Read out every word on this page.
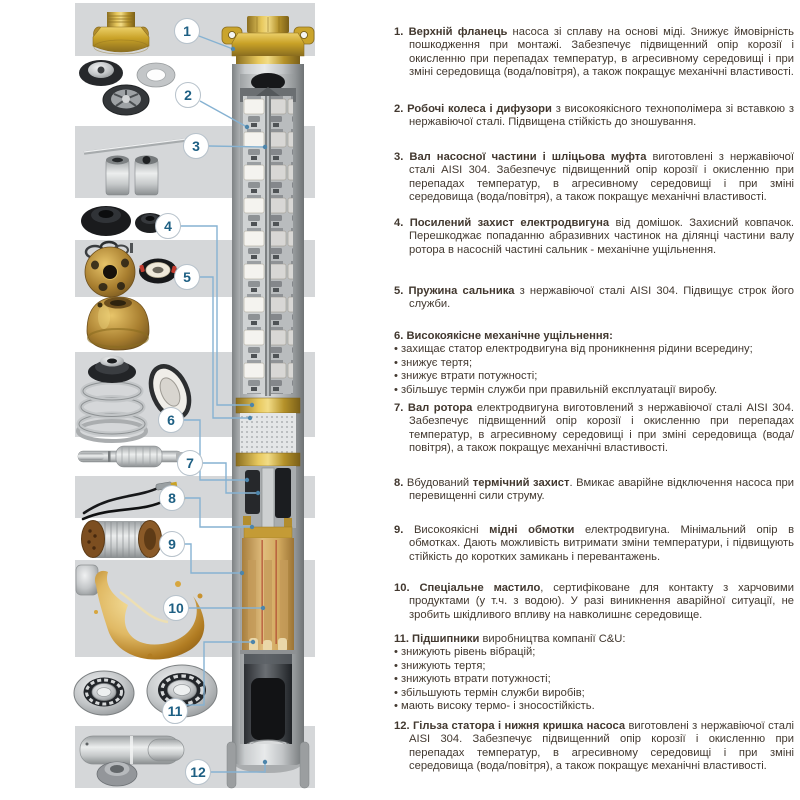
1
2
3
4
5
6
7
8
9
10
11
12
1. Верхній фланець насоса зі сплаву на основі міді. Знижує ймовірність пошкодження при монтажі. Забезпечує підвищенний опір корозії і окисленню при перепадах температур, в агресивному середовищі і при зміні середовища (вода/повітря), а також покращує механічні властивості.
2. Робочі колеса і дифузори з високоякісного технополімера зі вставкою з нержавіючої сталі. Підвищена стійкість до зношування.
3. Вал насосної частини і шліцьова муфта виготовлені з нержавіючої сталі AISI 304. Забезпечує підвищенний опір корозії і окисленню при перепадах температур, в агресивному середовищі і при зміні середовища (вода/повітря), а також покращує механічні властивості.
4. Посилений захист електродвигуна від домішок. Захисний ковпачок. Перешкоджає попаданню абразивних частинок на ділянці частини валу ротора в насосній частині сальник - механічне ущільнення.
5. Пружина сальника з нержавіючої сталі AISI 304. Підвищує строк його служби.
6. Високоякісне механічне ущільнення:
• захищає статор електродвигуна від проникнення рідини всередину;
• знижує тертя;
• знижує втрати потужності;
• збільшує термін служби при правильній експлуатації виробу.
7. Вал ротора електродвигуна виготовлений з нержавіючої сталі AISI 304. Забезпечує підвищенний опір корозії і окисленню при перепадах температур, в агресивному середовищі і при зміні середовища (вода/повітря), а також покращує механічні властивості.
8. Вбудований термічний захист. Вмикає аварійне відключення насоса при перевищенні сили струму.
9. Високоякісні мідні обмотки електродвигуна. Мінімальний опір в обмотках. Дають можливість витримати зміни температури, і підвищують стійкість до коротких замикань і перевантажень.
10. Спеціальне мастило, сертифіковане для контакту з харчовими продуктами (у т.ч. з водою). У разі виникнення аварійної ситуації, не зробить шкідливого впливу на навколишнє середовище.
11. Підшипники виробництва компанії C&U:
• знижують рівень вібрацій;
• знижують тертя;
• знижують втрати потужності;
• збільшують термін служби виробів;
• мають високу термо- і зносостійкість.
12. Гільза статора і нижня кришка насоса виготовлені з нержавіючої сталі AISI 304. Забезпечує підвищенний опір корозії і окисленню при перепадах температур, в агресивному середовищі і при зміні середовища (вода/повітря), а також покращує механічні властивості.
